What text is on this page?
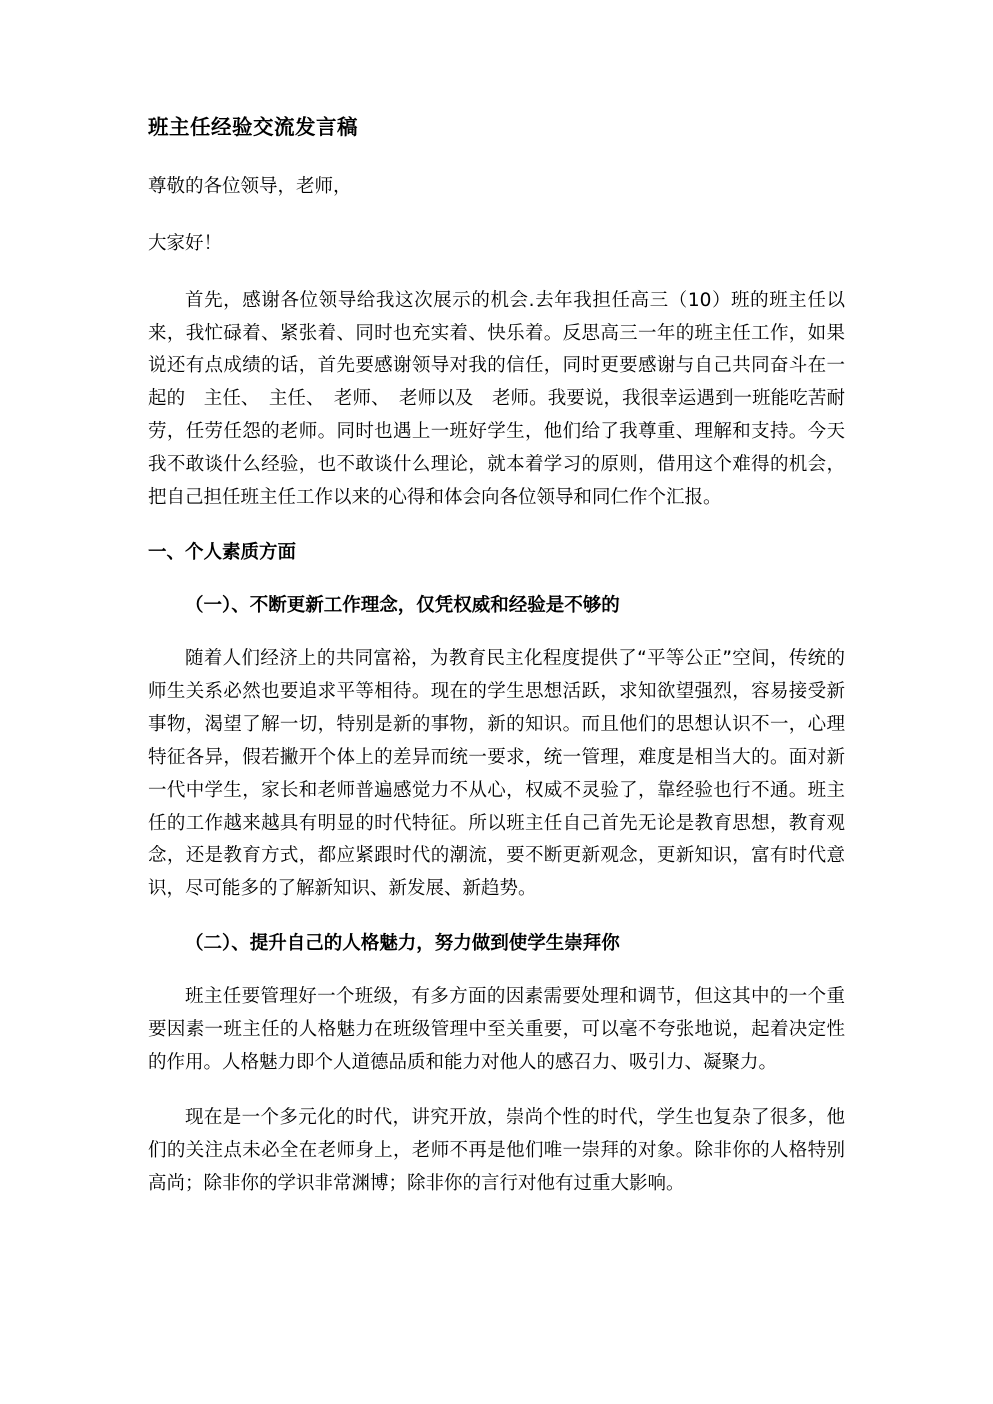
班主任经验交流发言稿

尊敬的各位领导，老师，

大家好！

首先，感谢各位领导给我这次展示的机会.去年我担任高三（10）班的班主任以来，我忙碌着、紧张着、同时也充实着、快乐着。反思高三一年的班主任工作，如果说还有点成绩的话，首先要感谢领导对我的信任，同时更要感谢与自己共同奋斗在一起的　主任、　主任、　老师、　老师以及　老师。我要说，我很幸运遇到一班能吃苦耐劳，任劳任怨的老师。同时也遇上一班好学生，他们给了我尊重、理解和支持。今天我不敢谈什么经验，也不敢谈什么理论，就本着学习的原则，借用这个难得的机会，把自己担任班主任工作以来的心得和体会向各位领导和同仁作个汇报。

一、个人素质方面

（一）、不断更新工作理念，仅凭权威和经验是不够的

随着人们经济上的共同富裕，为教育民主化程度提供了“平等公正”空间，传统的师生关系必然也要追求平等相待。现在的学生思想活跃，求知欲望强烈，容易接受新事物，渴望了解一切，特别是新的事物，新的知识。而且他们的思想认识不一，心理特征各异，假若撇开个体上的差异而统一要求，统一管理，难度是相当大的。面对新一代中学生，家长和老师普遍感觉力不从心，权威不灵验了，靠经验也行不通。班主任的工作越来越具有明显的时代特征。所以班主任自己首先无论是教育思想，教育观念，还是教育方式，都应紧跟时代的潮流，要不断更新观念，更新知识，富有时代意识，尽可能多的了解新知识、新发展、新趋势。

（二）、提升自己的人格魅力，努力做到使学生崇拜你

班主任要管理好一个班级，有多方面的因素需要处理和调节，但这其中的一个重要因素一班主任的人格魅力在班级管理中至关重要，可以毫不夸张地说，起着决定性的作用。人格魅力即个人道德品质和能力对他人的感召力、吸引力、凝聚力。

现在是一个多元化的时代，讲究开放，崇尚个性的时代，学生也复杂了很多，他们的关注点未必全在老师身上，老师不再是他们唯一崇拜的对象。除非你的人格特别高尚；除非你的学识非常渊博；除非你的言行对他有过重大影响。
